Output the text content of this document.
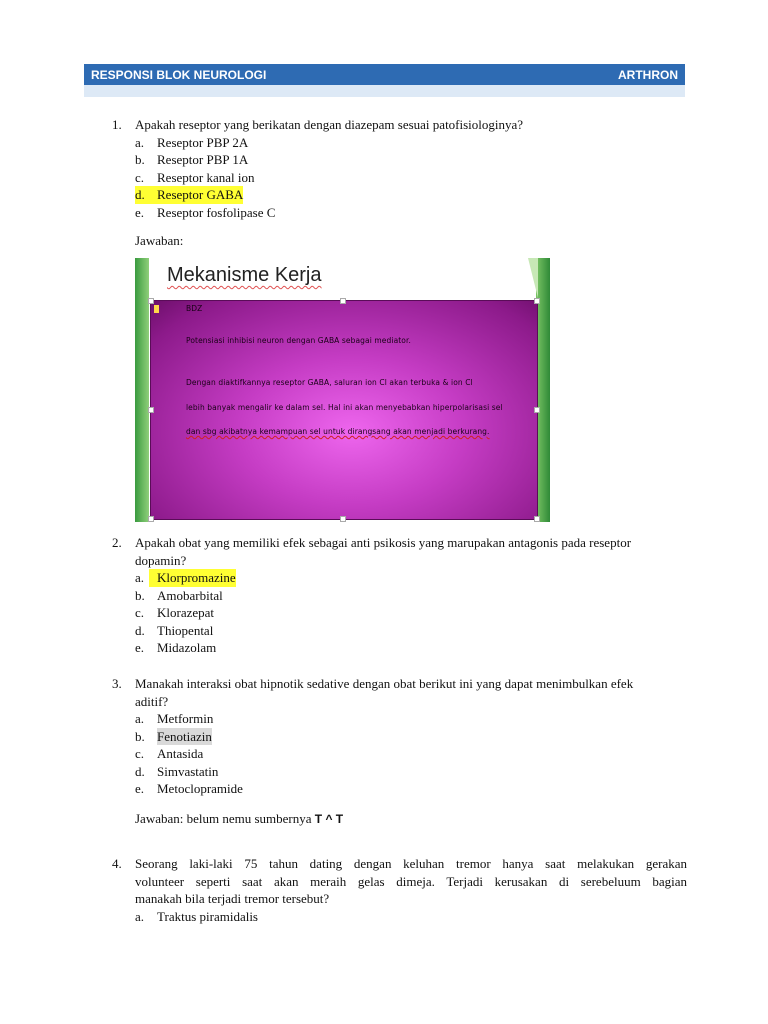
RESPONSI BLOK NEUROLOGI	ARTHRON
1.	Apakah reseptor yang berikatan dengan diazepam sesuai patofisiologinya?
a. Reseptor PBP 2A
b. Reseptor PBP 1A
c. Reseptor kanal ion
d. Reseptor GABA
e. Reseptor fosfolipase C
Jawaban:
Mekanisme Kerja
BDZ
Potensiasi inhibisi neuron dengan GABA sebagai mediator.
Dengan diaktifkannya reseptor GABA, saluran ion Cl akan terbuka & ion Cl
lebih banyak mengalir ke dalam sel. Hal ini akan menyebabkan hiperpolarisasi sel
dan sbg akibatnya kemampuan sel untuk dirangsang akan menjadi berkurang.
2.	Apakah obat yang memiliki efek sebagai anti psikosis yang marupakan antagonis pada reseptor
dopamin?
a. Klorpromazine
b. Amobarbital
c. Klorazepat
d. Thiopental
e. Midazolam
3.	Manakah interaksi obat hipnotik sedative dengan obat berikut ini yang dapat menimbulkan efek
aditif?
a. Metformin
b. Fenotiazin
c. Antasida
d. Simvastatin
e. Metoclopramide
Jawaban: belum nemu sumbernya T ^ T
4.	Seorang laki-laki 75 tahun dating dengan keluhan tremor hanya saat melakukan gerakan
volunteer seperti saat akan meraih gelas dimeja. Terjadi kerusakan di serebeluum bagian
manakah bila terjadi tremor tersebut?
a. Traktus piramidalis
